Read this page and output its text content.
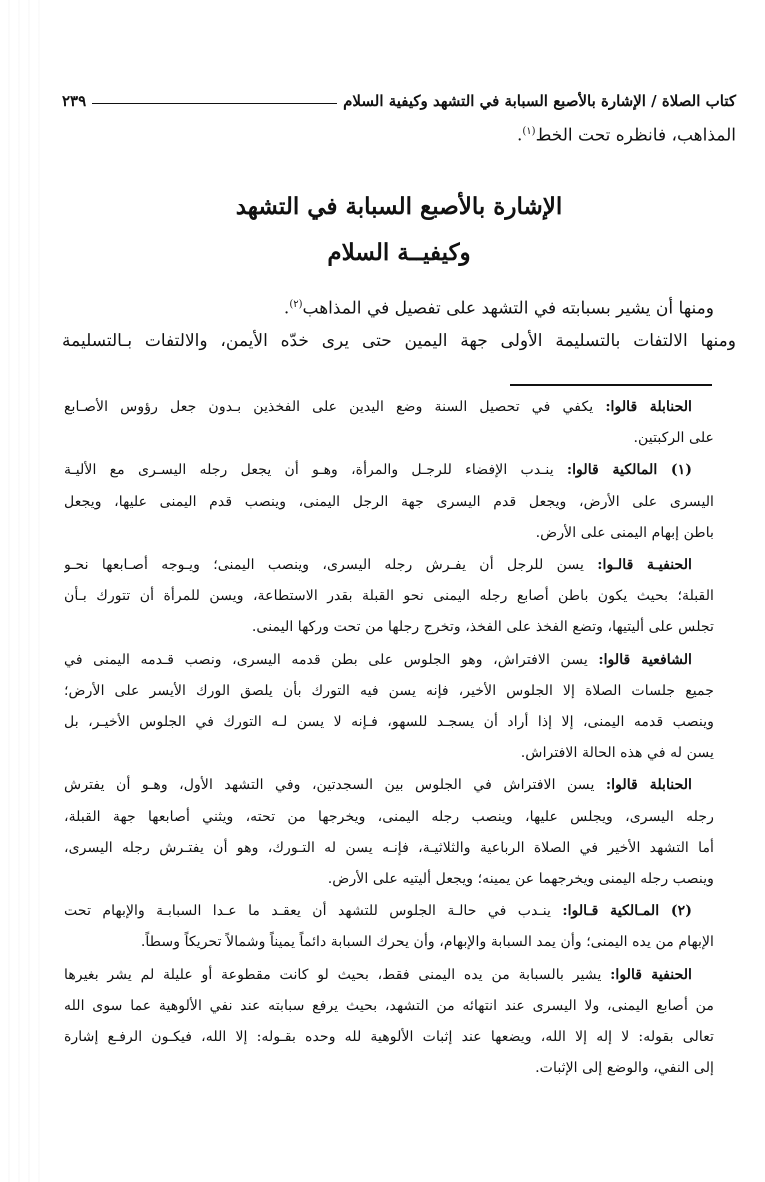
كتاب الصلاة / الإشارة بالأصبع السبابة في التشهد وكيفية السلام
٢٣٩
المذاهب، فانظره تحت الخط$^{(١)}$.
الإشارة بالأصبع السبابة في التشهد
وكيفيــة السلام
ومنها أن يشير بسبابته في التشهد على تفصيل في المذاهب$^{(٢)}$.
ومنها الالتفات بالتسليمة الأولى جهة اليمين حتى يرى خدّه الأيمن، والالتفات بـالتسليمة
الحنابلة قالوا: يكفي في تحصيل السنة وضع اليدين على الفخذين بـدون جعل رؤوس الأصـابع
على الركبتين.
(١) المالكية قالوا: ينـدب الإفضاء للرجـل والمرأة، وهـو أن يجعل رجله اليسـرى مع الأليـة
اليسرى على الأرض، ويجعل قدم اليسرى جهة الرجل اليمنى، وينصب قدم اليمنى عليها، ويجعل
باطن إبهام اليمنى على الأرض.
الحنفيـة قالـوا: يسن للرجل أن يفـرش رجله اليسرى، وينصب اليمنى؛ ويـوجه أصـابعها نحـو
القبلة؛ بحيث يكون باطن أصابع رجله اليمنى نحو القبلة بقدر الاستطاعة، ويسن للمرأة أن تتورك بـأن
تجلس على أليتيها، وتضع الفخذ على الفخذ، وتخرج رجلها من تحت وركها اليمنى.
الشافعية قالوا: يسن الافتراش، وهو الجلوس على بطن قدمه اليسرى، ونصب قـدمه اليمنى في
جميع جلسات الصلاة إلا الجلوس الأخير، فإنه يسن فيه التورك بأن يلصق الورك الأيسر على الأرض؛
وينصب قدمه اليمنى، إلا إذا أراد أن يسجـد للسهو، فـإنه لا يسن لـه التورك في الجلوس الأخيـر، بل
يسن له في هذه الحالة الافتراش.
الحنابلة قالوا: يسن الافتراش في الجلوس بين السجدتين، وفي التشهد الأول، وهـو أن يفترش
رجله اليسرى، ويجلس عليها، وينصب رجله اليمنى، ويخرجها من تحته، ويثني أصابعها جهة القبلة،
أما التشهد الأخير في الصلاة الرباعية والثلاثيـة، فإنـه يسن له التـورك، وهو أن يفتـرش رجله اليسرى،
وينصب رجله اليمنى ويخرجهما عن يمينه؛ ويجعل أليتيه على الأرض.
(٢) المـالكية قـالوا: ينـدب في حالـة الجلوس للتشهد أن يعقـد ما عـدا السبابـة والإبهام تحت
الإبهام من يده اليمنى؛ وأن يمد السبابة والإبهام، وأن يحرك السبابة دائماً يميناً وشمالاً تحريكاً وسطاً.
الحنفية قالوا: يشير بالسبابة من يده اليمنى فقط، بحيث لو كانت مقطوعة أو عليلة لم يشر بغيرها
من أصابع اليمنى، ولا اليسرى عند انتهائه من التشهد، بحيث يرفع سبابته عند نفي الألوهية عما سوى الله
تعالى بقوله: لا إله إلا الله، ويضعها عند إثبات الألوهية لله وحده بقـوله: إلا الله، فيكـون الرفـع إشارة
إلى النفي، والوضع إلى الإثبات.
